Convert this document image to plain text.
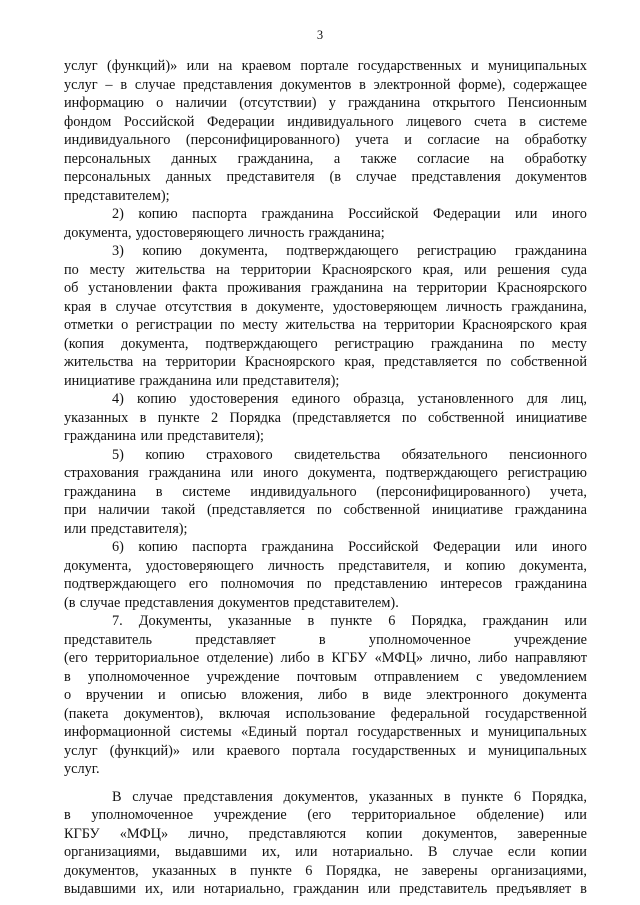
3
услуг (функций)» или на краевом портале государственных и муниципальных
услуг – в случае представления документов в электронной форме), содержащее
информацию о наличии (отсутствии) у гражданина открытого Пенсионным
фондом Российской Федерации индивидуального лицевого счета в системе
индивидуального (персонифицированного) учета и согласие на обработку
персональных данных гражданина, а также согласие на обработку
персональных данных представителя (в случае представления документов
представителем);
2) копию паспорта гражданина Российской Федерации или иного
документа, удостоверяющего личность гражданина;
3) копию документа, подтверждающего регистрацию гражданина
по месту жительства на территории Красноярского края, или решения суда
об установлении факта проживания гражданина на территории Красноярского
края в случае отсутствия в документе, удостоверяющем личность гражданина,
отметки о регистрации по месту жительства на территории Красноярского края
(копия документа, подтверждающего регистрацию гражданина по месту
жительства на территории Красноярского края, представляется по собственной
инициативе гражданина или представителя);
4) копию удостоверения единого образца, установленного для лиц,
указанных в пункте 2 Порядка (представляется по собственной инициативе
гражданина или представителя);
5) копию страхового свидетельства обязательного пенсионного
страхования гражданина или иного документа, подтверждающего регистрацию
гражданина в системе индивидуального (персонифицированного) учета,
при наличии такой (представляется по собственной инициативе гражданина
или представителя);
6) копию паспорта гражданина Российской Федерации или иного
документа, удостоверяющего личность представителя, и копию документа,
подтверждающего его полномочия по представлению интересов гражданина
(в случае представления документов представителем).
7. Документы, указанные в пункте 6 Порядка, гражданин или
представитель	представляет	в	уполномоченное	учреждение
(его территориальное отделение) либо в КГБУ «МФЦ» лично, либо направляют
в уполномоченное учреждение почтовым отправлением с уведомлением
о вручении и описью вложения, либо в виде электронного документа
(пакета документов), включая использование федеральной государственной
информационной системы «Единый портал государственных и муниципальных
услуг (функций)» или краевого портала государственных и муниципальных
услуг.
В случае представления документов, указанных в пункте 6 Порядка,
в уполномоченное учреждение (его территориальное обделение) или
КГБУ «МФЦ» лично, представляются копии документов, заверенные
организациями, выдавшими их, или нотариально. В случае если копии
документов, указанных в пункте 6 Порядка, не заверены организациями,
выдавшими их, или нотариально, гражданин или представитель предъявляет в
